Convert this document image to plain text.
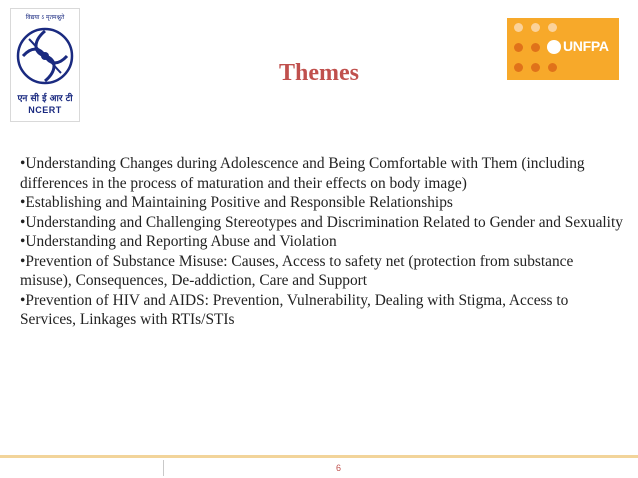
विद्यया ऽ मृतमश्नुते
एन सी ई आर टी
NCERT
UNFPA
Themes

•Understanding Changes during Adolescence and Being Comfortable with Them (including differences in the process of maturation and their effects on body image)

•Establishing and Maintaining Positive and Responsible Relationships

•Understanding and Challenging Stereotypes and Discrimination Related to Gender and Sexuality

•Understanding and Reporting Abuse and Violation

•Prevention of Substance Misuse: Causes, Access to safety net (protection from substance misuse), Consequences, De-addiction, Care and Support

•Prevention of HIV and AIDS: Prevention, Vulnerability, Dealing with Stigma, Access to Services, Linkages with RTIs/STIs

6
